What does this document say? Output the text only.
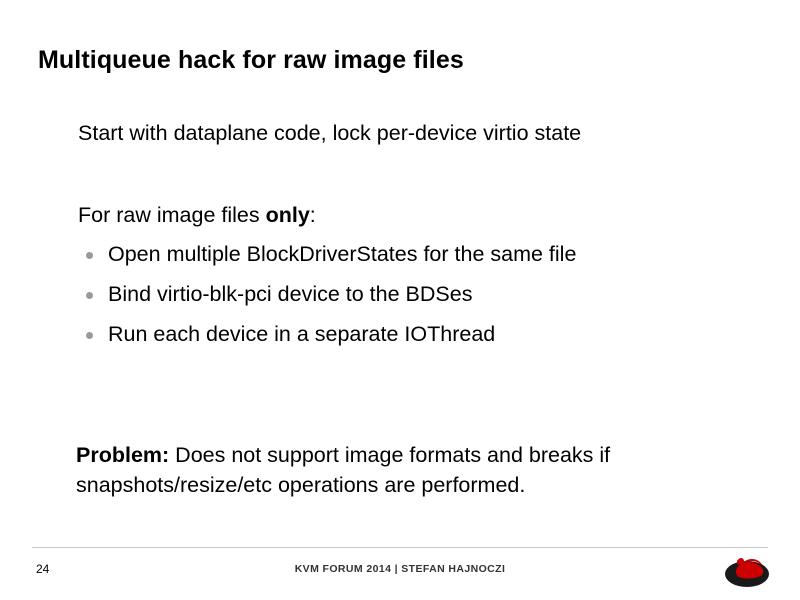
Multiqueue hack for raw image files
Start with dataplane code, lock per-device virtio state
For raw image files only:
Open multiple BlockDriverStates for the same file
Bind virtio-blk-pci device to the BDSes
Run each device in a separate IOThread
Problem: Does not support image formats and breaks if snapshots/resize/etc operations are performed.
24	KVM FORUM 2014 | STEFAN HAJNOCZI
